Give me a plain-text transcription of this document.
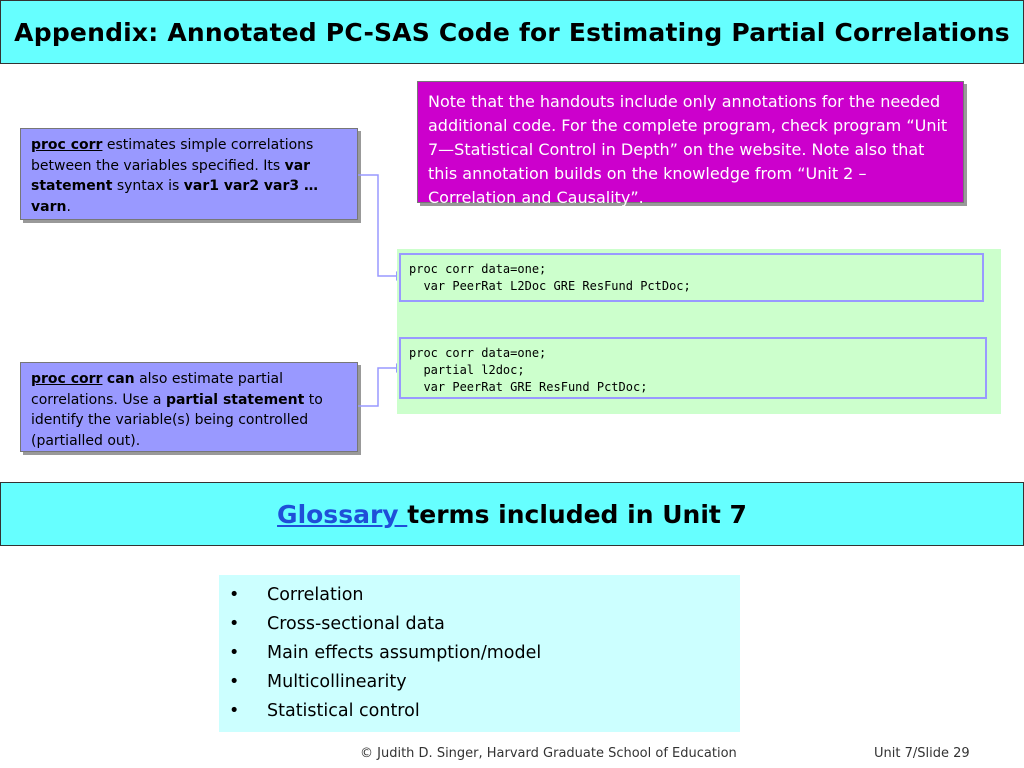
Appendix: Annotated PC-SAS Code for Estimating Partial Correlations
Note that the handouts include only annotations for the needed additional code. For the complete program, check program “Unit 7—Statistical Control in Depth” on the website. Note also that this annotation builds on the knowledge from “Unit 2 – Correlation and Causality”.
proc corr estimates simple correlations between the variables specified. Its var statement syntax is var1 var2 var3 … varn.
proc corr can also estimate partial correlations. Use a partial statement to identify the variable(s) being controlled (partialled out).
proc corr data=one;
var PeerRat L2Doc GRE ResFund PctDoc;
proc corr data=one;
partial l2doc;
var PeerRat GRE ResFund PctDoc;
Glossary terms included in Unit 7
• Correlation
• Cross-sectional data
• Main effects assumption/model
• Multicollinearity
• Statistical control
© Judith D. Singer, Harvard Graduate School of Education	Unit 7/Slide 29
